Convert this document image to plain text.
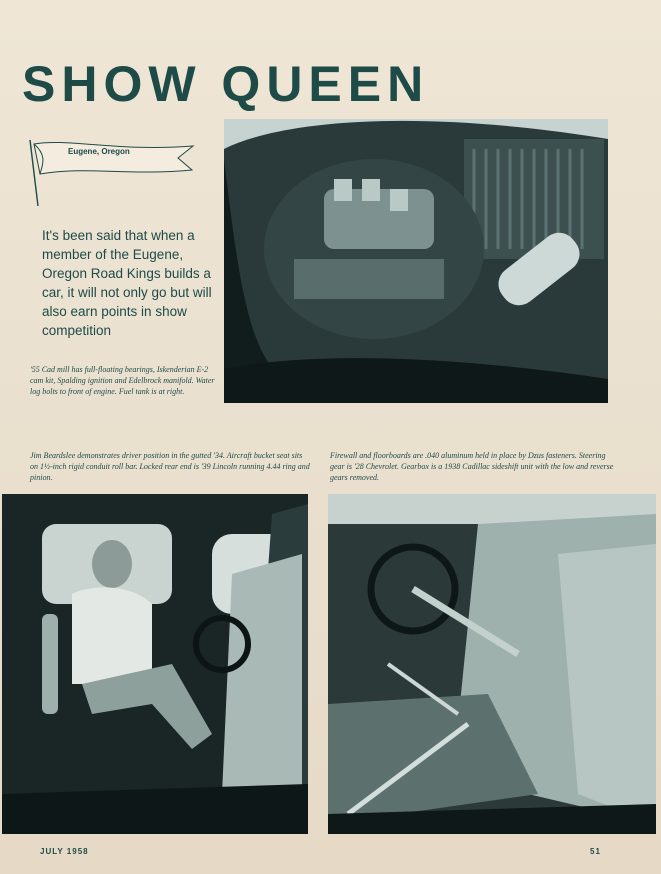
SHOW QUEEN
Eugene, Oregon
It's been said that when a member of the Eugene, Oregon Road Kings builds a car, it will not only go but will also earn points in show competition
'55 Cad mill has full-floating bearings, Iskenderian E-2 cam kit, Spalding ignition and Edelbrock manifold. Water log bolts to front of engine. Fuel tank is at right.
Jim Beardslee demonstrates driver position in the gutted '34. Aircraft bucket seat sits on 1½-inch rigid conduit roll bar. Locked rear end is '39 Lincoln running 4.44 ring and pinion.
Firewall and floorboards are .040 aluminum held in place by Dzus fasteners. Steering gear is '28 Chevrolet. Gearbox is a 1938 Cadillac sideshift unit with the low and reverse gears removed.
JULY 1958	51
